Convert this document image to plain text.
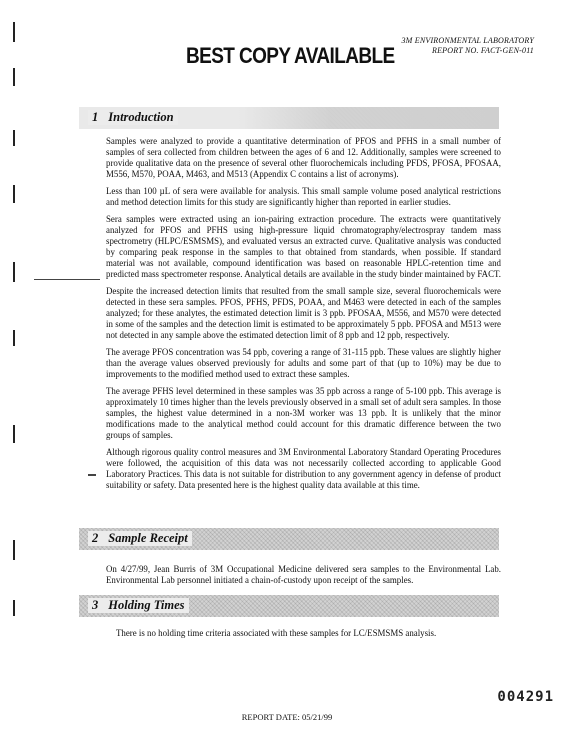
3M ENVIRONMENTAL LABORATORY
REPORT NO. FACT-GEN-011
BEST COPY AVAILABLE
1 Introduction

Samples were analyzed to provide a quantitative determination of PFOS and PFHS in a small number of samples of sera collected from children between the ages of 6 and 12. Additionally, samples were screened to provide qualitative data on the presence of several other fluorochemicals including PFDS, PFOSA, PFOSAA, M556, M570, POAA, M463, and M513 (Appendix C contains a list of acronyms).

Less than 100 µL of sera were available for analysis. This small sample volume posed analytical restrictions and method detection limits for this study are significantly higher than reported in earlier studies.

Sera samples were extracted using an ion-pairing extraction procedure. The extracts were quantitatively analyzed for PFOS and PFHS using high-pressure liquid chromatography/electrospray tandem mass spectrometry (HLPC/ESMSMS), and evaluated versus an extracted curve. Qualitative analysis was conducted by comparing peak response in the samples to that obtained from standards, when possible. If standard material was not available, compound identification was based on reasonable HPLC-retention time and predicted mass spectrometer response. Analytical details are available in the study binder maintained by FACT.

Despite the increased detection limits that resulted from the small sample size, several fluorochemicals were detected in these sera samples. PFOS, PFHS, PFDS, POAA, and M463 were detected in each of the samples analyzed; for these analytes, the estimated detection limit is 3 ppb. PFOSAA, M556, and M570 were detected in some of the samples and the detection limit is estimated to be approximately 5 ppb. PFOSA and M513 were not detected in any sample above the estimated detection limit of 8 ppb and 12 ppb, respectively.

The average PFOS concentration was 54 ppb, covering a range of 31-115 ppb. These values are slightly higher than the average values observed previously for adults and some part of that (up to 10%) may be due to improvements to the modified method used to extract these samples.

The average PFHS level determined in these samples was 35 ppb across a range of 5-100 ppb. This average is approximately 10 times higher than the levels previously observed in a small set of adult sera samples. In those samples, the highest value determined in a non-3M worker was 13 ppb. It is unlikely that the minor modifications made to the analytical method could account for this dramatic difference between the two groups of samples.

Although rigorous quality control measures and 3M Environmental Laboratory Standard Operating Procedures were followed, the acquisition of this data was not necessarily collected according to applicable Good Laboratory Practices. This data is not suitable for distribution to any government agency in defense of product suitability or safety. Data presented here is the highest quality data available at this time.

2 Sample Receipt

On 4/27/99, Jean Burris of 3M Occupational Medicine delivered sera samples to the Environmental Lab. Environmental Lab personnel initiated a chain-of-custody upon receipt of the samples.

3 Holding Times

There is no holding time criteria associated with these samples for LC/ESMSMS analysis.

004291
REPORT DATE: 05/21/99
